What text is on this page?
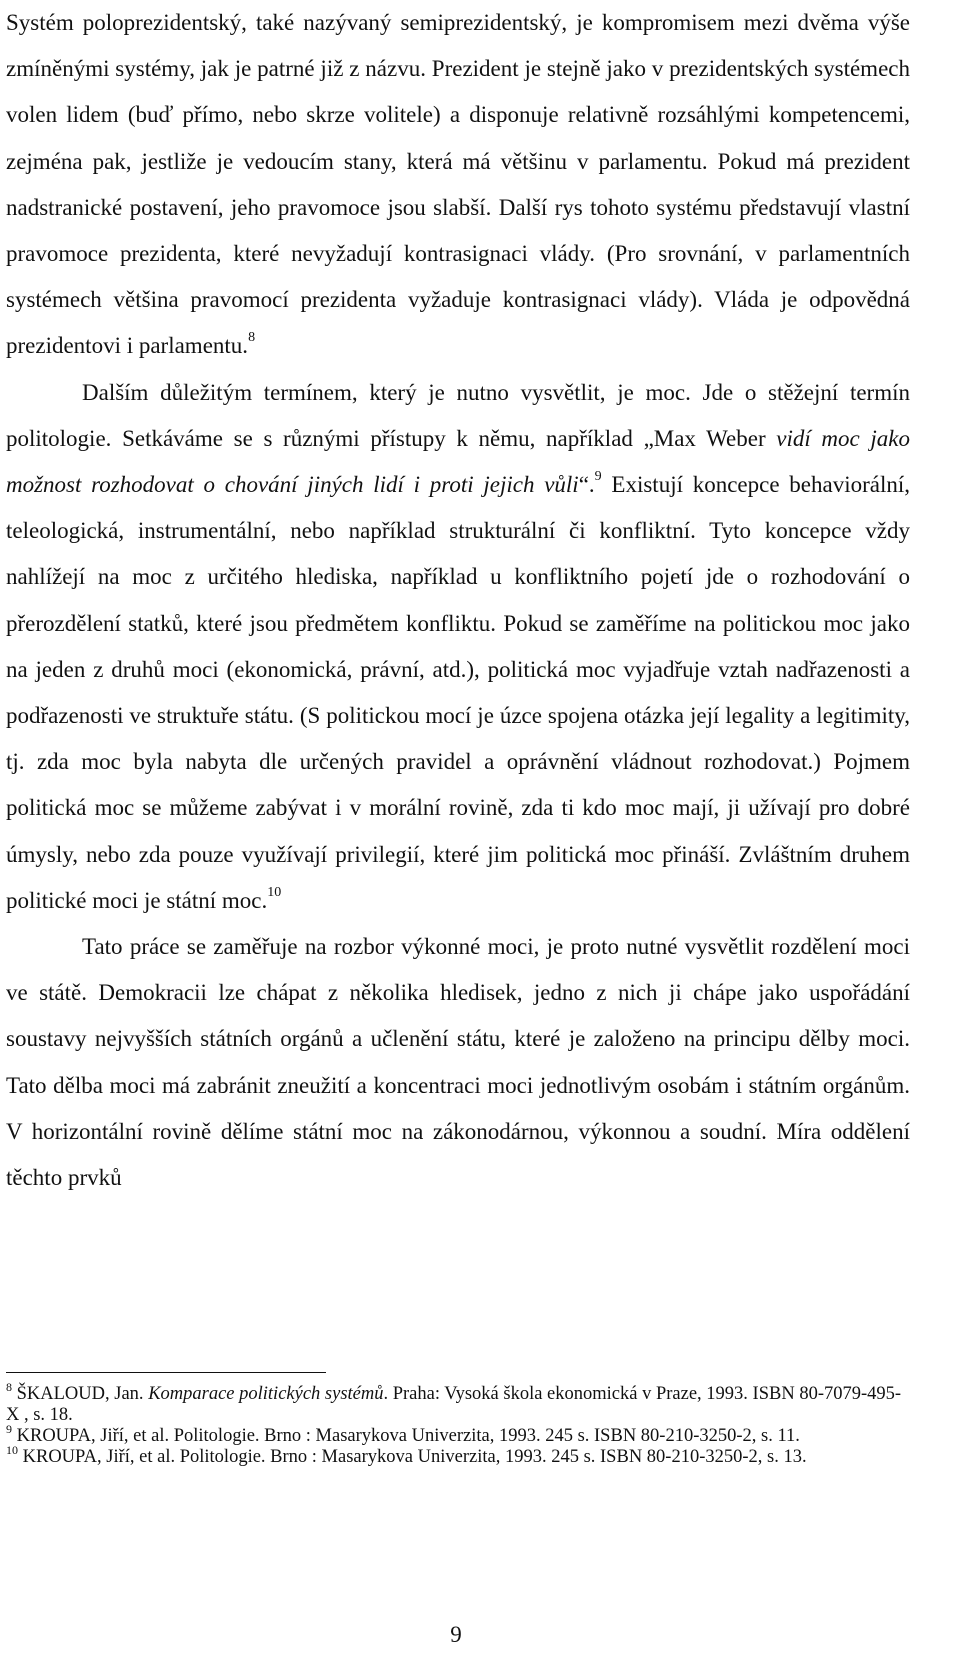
Systém poloprezidentský, také nazývaný semiprezidentský, je kompromisem mezi dvěma výše zmíněnými systémy, jak je patrné již z názvu. Prezident je stejně jako v prezidentských systémech volen lidem (buď přímo, nebo skrze volitele) a disponuje relativně rozsáhlými kompetencemi, zejména pak, jestliže je vedoucím stany, která má většinu v parlamentu. Pokud má prezident nadstranické postavení, jeho pravomoce jsou slabší. Další rys tohoto systému představují vlastní pravomoce prezidenta, které nevyžadují kontrasignaci vlády. (Pro srovnání, v parlamentních systémech většina pravomocí prezidenta vyžaduje kontrasignaci vlády). Vláda je odpovědná prezidentovi i parlamentu.$^8$

Dalším důležitým termínem, který je nutno vysvětlit, je moc. Jde o stěžejní termín politologie. Setkáváme se s různými přístupy k němu, například „Max Weber vidí moc jako možnost rozhodovat o chování jiných lidí i proti jejich vůli“.$^9$ Existují koncepce behaviorální, teleologická, instrumentální, nebo například strukturální či konfliktní. Tyto koncepce vždy nahlížejí na moc z určitého hlediska, například u konfliktního pojetí jde o rozhodování o přerozdělení statků, které jsou předmětem konfliktu. Pokud se zaměříme na politickou moc jako na jeden z druhů moci (ekonomická, právní, atd.), politická moc vyjadřuje vztah nadřazenosti a podřazenosti ve struktuře státu. (S politickou mocí je úzce spojena otázka její legality a legitimity, tj. zda moc byla nabyta dle určených pravidel a oprávnění vládnout rozhodovat.) Pojmem politická moc se můžeme zabývat i v morální rovině, zda ti kdo moc mají, ji užívají pro dobré úmysly, nebo zda pouze využívají privilegií, které jim politická moc přináší. Zvláštním druhem politické moci je státní moc.$^{10}$

Tato práce se zaměřuje na rozbor výkonné moci, je proto nutné vysvětlit rozdělení moci ve státě. Demokracii lze chápat z několika hledisek, jedno z nich ji chápe jako uspořádání soustavy nejvyšších státních orgánů a učlenění státu, které je založeno na principu dělby moci. Tato dělba moci má zabránit zneužití a koncentraci moci jednotlivým osobám i státním orgánům. V horizontální rovině dělíme státní moc na zákonodárnou, výkonnou a soudní. Míra oddělení těchto prvků

$^8$ ŠKALOUD, Jan. Komparace politických systémů. Praha: Vysoká škola ekonomická v Praze, 1993. ISBN 80-7079-495-X , s. 18.

$^9$ KROUPA, Jiří, et al. Politologie. Brno : Masarykova Univerzita, 1993. 245 s. ISBN 80-210-3250-2, s. 11.

$^{10}$ KROUPA, Jiří, et al. Politologie. Brno : Masarykova Univerzita, 1993. 245 s. ISBN 80-210-3250-2, s. 13.

9
